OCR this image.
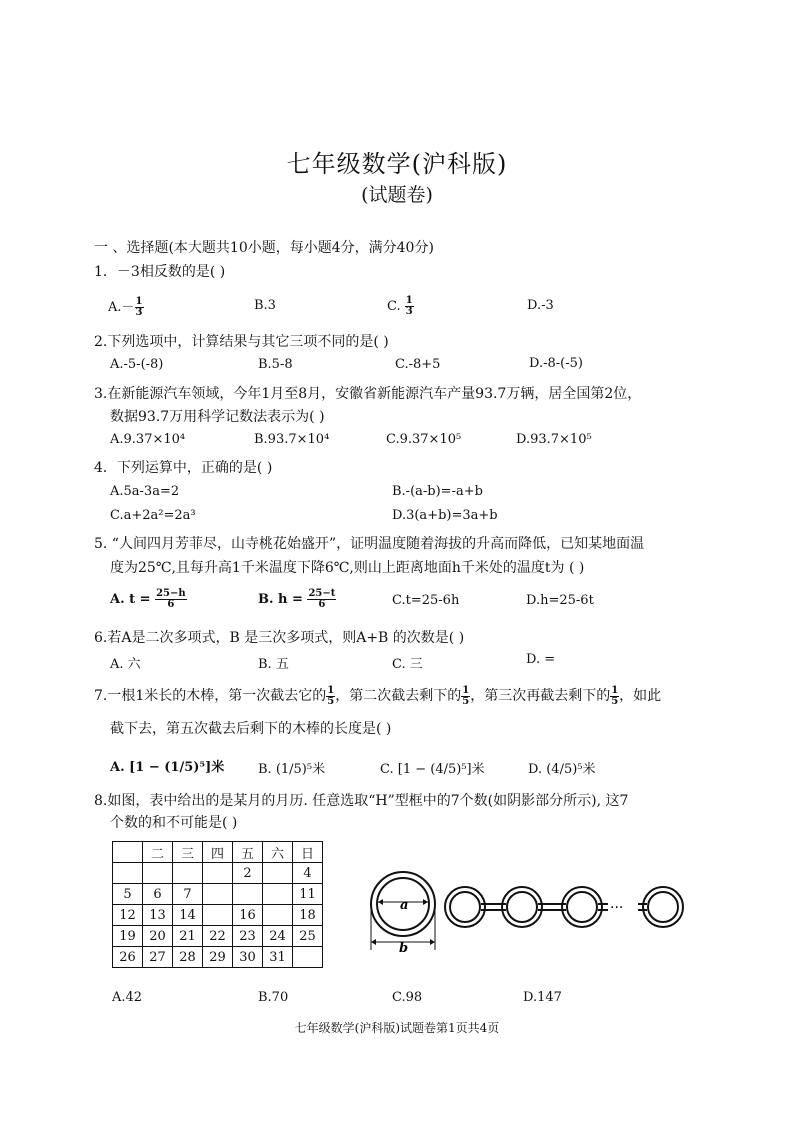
七年级数学(沪科版)
(试题卷)
一 、选择题(本大题共10小题，每小题4分，满分40分)
1．－3相反数的是( )
$A.- \frac{1}{3}$	B.3	C. $\frac{1}{3}$	D.-3
2.下列选项中，计算结果与其它三项不同的是( )
A.-5-(-8)	B.5-8	C.-8+5	D.-8-(-5)
3.在新能源汽车领域，今年1月至8月，安徽省新能源汽车产量93.7万辆，居全国第2位，
数据93.7万用科学记数法表示为( )
A.9.37×10⁴	B.93.7×10⁴	C.9.37×10⁵	D.93.7×10⁵
4．下列运算中，正确的是( )
A.5a-3a=2	B.-(a-b)=-a+b
C.a+2a²=2a³	D.3(a+b)=3a+b
5. “人间四月芳菲尽，山寺桃花始盛开”，证明温度随着海拔的升高而降低，已知某地面温
度为25℃,且每升高1千米温度下降6℃,则山上距离地面h千米处的温度t为 ( )
A. $t = \frac{25-h}{6}$	B. $h = \frac{25-t}{6}$	C.t=25-6h	D.h=25-6t
6.若A是二次多项式，B 是三次多项式，则A+B 的次数是( )
A. 六	B. 五	C. 三	D. =
7.一根1米长的木棒，第一次截去它的 $\frac{1}{5}$ ，第二次截去剩下的 $\frac{1}{5}$ ，第三次再截去剩下的 $\frac{1}{5}$ ，如此
截下去，第五次截去后剩下的木棒的长度是( )
A. [1 − (1/5)⁵]米	B. (1/5)⁵米	C. [1 − (4/5)⁵]米	D. (4/5)⁵米
8.如图，表中给出的是某月的月历. 任意选取“H”型框中的7个数(如阴影部分所示), 这7
个数的和不可能是( )
	二	三	四	五	六	日
				2		4
5	6	7				11
12	13	14		16		18
19	20	21	22	23	24	25
26	27	28	29	30	31	
a
b
···
A.42	B.70	C.98	D.147
七年级数学(沪科版)试题卷第1页共4页
